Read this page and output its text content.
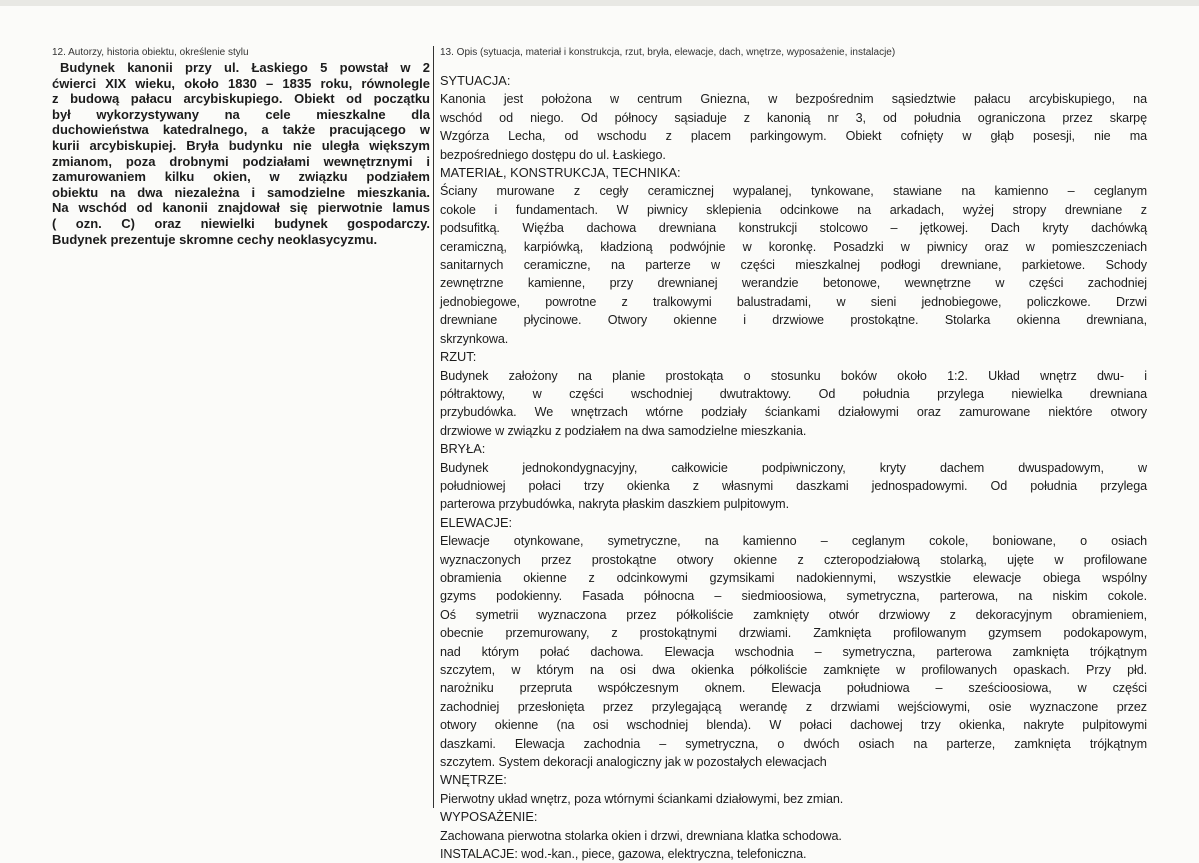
12. Autorzy, historia obiektu, określenie stylu
Budynek kanonii przy ul. Łaskiego 5 powstał w 2
ćwierci XIX wieku, około 1830 – 1835 roku, równolegle
z budową pałacu arcybiskupiego. Obiekt od początku
był wykorzystywany na cele mieszkalne dla
duchowieństwa katedralnego, a także pracującego w
kurii arcybiskupiej. Bryła budynku nie uległa większym
zmianom, poza drobnymi podziałami wewnętrznymi i
zamurowaniem kilku okien, w związku podziałem
obiektu na dwa niezależna i samodzielne mieszkania.
Na wschód od kanonii znajdował się pierwotnie lamus
( ozn. C) oraz niewielki budynek gospodarczy.
Budynek prezentuje skromne cechy neoklasycyzmu.
13. Opis (sytuacja, materiał i konstrukcja, rzut, bryła, elewacje, dach, wnętrze, wyposażenie, instalacje)
SYTUACJA:
Kanonia jest położona w centrum Gniezna, w bezpośrednim sąsiedztwie pałacu arcybiskupiego, na
wschód od niego. Od północy sąsiaduje z kanonią nr 3, od południa ograniczona przez skarpę
Wzgórza Lecha, od wschodu z placem parkingowym. Obiekt cofnięty w głąb posesji, nie ma
bezpośredniego dostępu do ul. Łaskiego.
MATERIAŁ, KONSTRUKCJA, TECHNIKA:
Ściany murowane z cegły ceramicznej wypalanej, tynkowane, stawiane na kamienno – ceglanym
cokole i fundamentach. W piwnicy sklepienia odcinkowe na arkadach, wyżej stropy drewniane z
podsufitką. Więźba dachowa drewniana konstrukcji stolcowo – jętkowej. Dach kryty dachówką
ceramiczną, karpiówką, kładzioną podwójnie w koronkę. Posadzki w piwnicy oraz w pomieszczeniach
sanitarnych ceramiczne, na parterze w części mieszkalnej podłogi drewniane, parkietowe. Schody
zewnętrzne kamienne, przy drewnianej werandzie betonowe, wewnętrzne w części zachodniej
jednobiegowe, powrotne z tralkowymi balustradami, w sieni jednobiegowe, policzkowe. Drzwi
drewniane płycinowe. Otwory okienne i drzwiowe prostokątne. Stolarka okienna drewniana,
skrzynkowa.
RZUT:
Budynek założony na planie prostokąta o stosunku boków około 1:2. Układ wnętrz dwu- i
półtraktowy, w części wschodniej dwutraktowy. Od południa przylega niewielka drewniana
przybudówka. We wnętrzach wtórne podziały ściankami działowymi oraz zamurowane niektóre otwory
drzwiowe w związku z podziałem na dwa samodzielne mieszkania.
BRYŁA:
Budynek jednokondygnacyjny, całkowicie podpiwniczony, kryty dachem dwuspadowym, w
południowej połaci trzy okienka z własnymi daszkami jednospadowymi. Od południa przylega
parterowa przybudówka, nakryta płaskim daszkiem pulpitowym.
ELEWACJE:
Elewacje otynkowane, symetryczne, na kamienno – ceglanym cokole, boniowane, o osiach
wyznaczonych przez prostokątne otwory okienne z czteropodziałową stolarką, ujęte w profilowane
obramienia okienne z odcinkowymi gzymsikami nadokiennymi, wszystkie elewacje obiega wspólny
gzyms podokienny. Fasada północna – siedmioosiowa, symetryczna, parterowa, na niskim cokole.
Oś symetrii wyznaczona przez półkoliście zamknięty otwór drzwiowy z dekoracyjnym obramieniem,
obecnie przemurowany, z prostokątnymi drzwiami. Zamknięta profilowanym gzymsem podokapowym,
nad którym połać dachowa. Elewacja wschodnia – symetryczna, parterowa zamknięta trójkątnym
szczytem, w którym na osi dwa okienka półkoliście zamknięte w profilowanych opaskach. Przy płd.
narożniku przepruta współczesnym oknem. Elewacja południowa – sześcioosiowa, w części
zachodniej przesłonięta przez przylegającą werandę z drzwiami wejściowymi, osie wyznaczone przez
otwory okienne (na osi wschodniej blenda). W połaci dachowej trzy okienka, nakryte pulpitowymi
daszkami. Elewacja zachodnia – symetryczna, o dwóch osiach na parterze, zamknięta trójkątnym
szczytem. System dekoracji analogiczny jak w pozostałych elewacjach
WNĘTRZE:
Pierwotny układ wnętrz, poza wtórnymi ściankami działowymi, bez zmian.
WYPOSAŻENIE:
Zachowana pierwotna stolarka okien i drzwi, drewniana klatka schodowa.
INSTALACJE: wod.-kan., piece, gazowa, elektryczna, telefoniczna.
